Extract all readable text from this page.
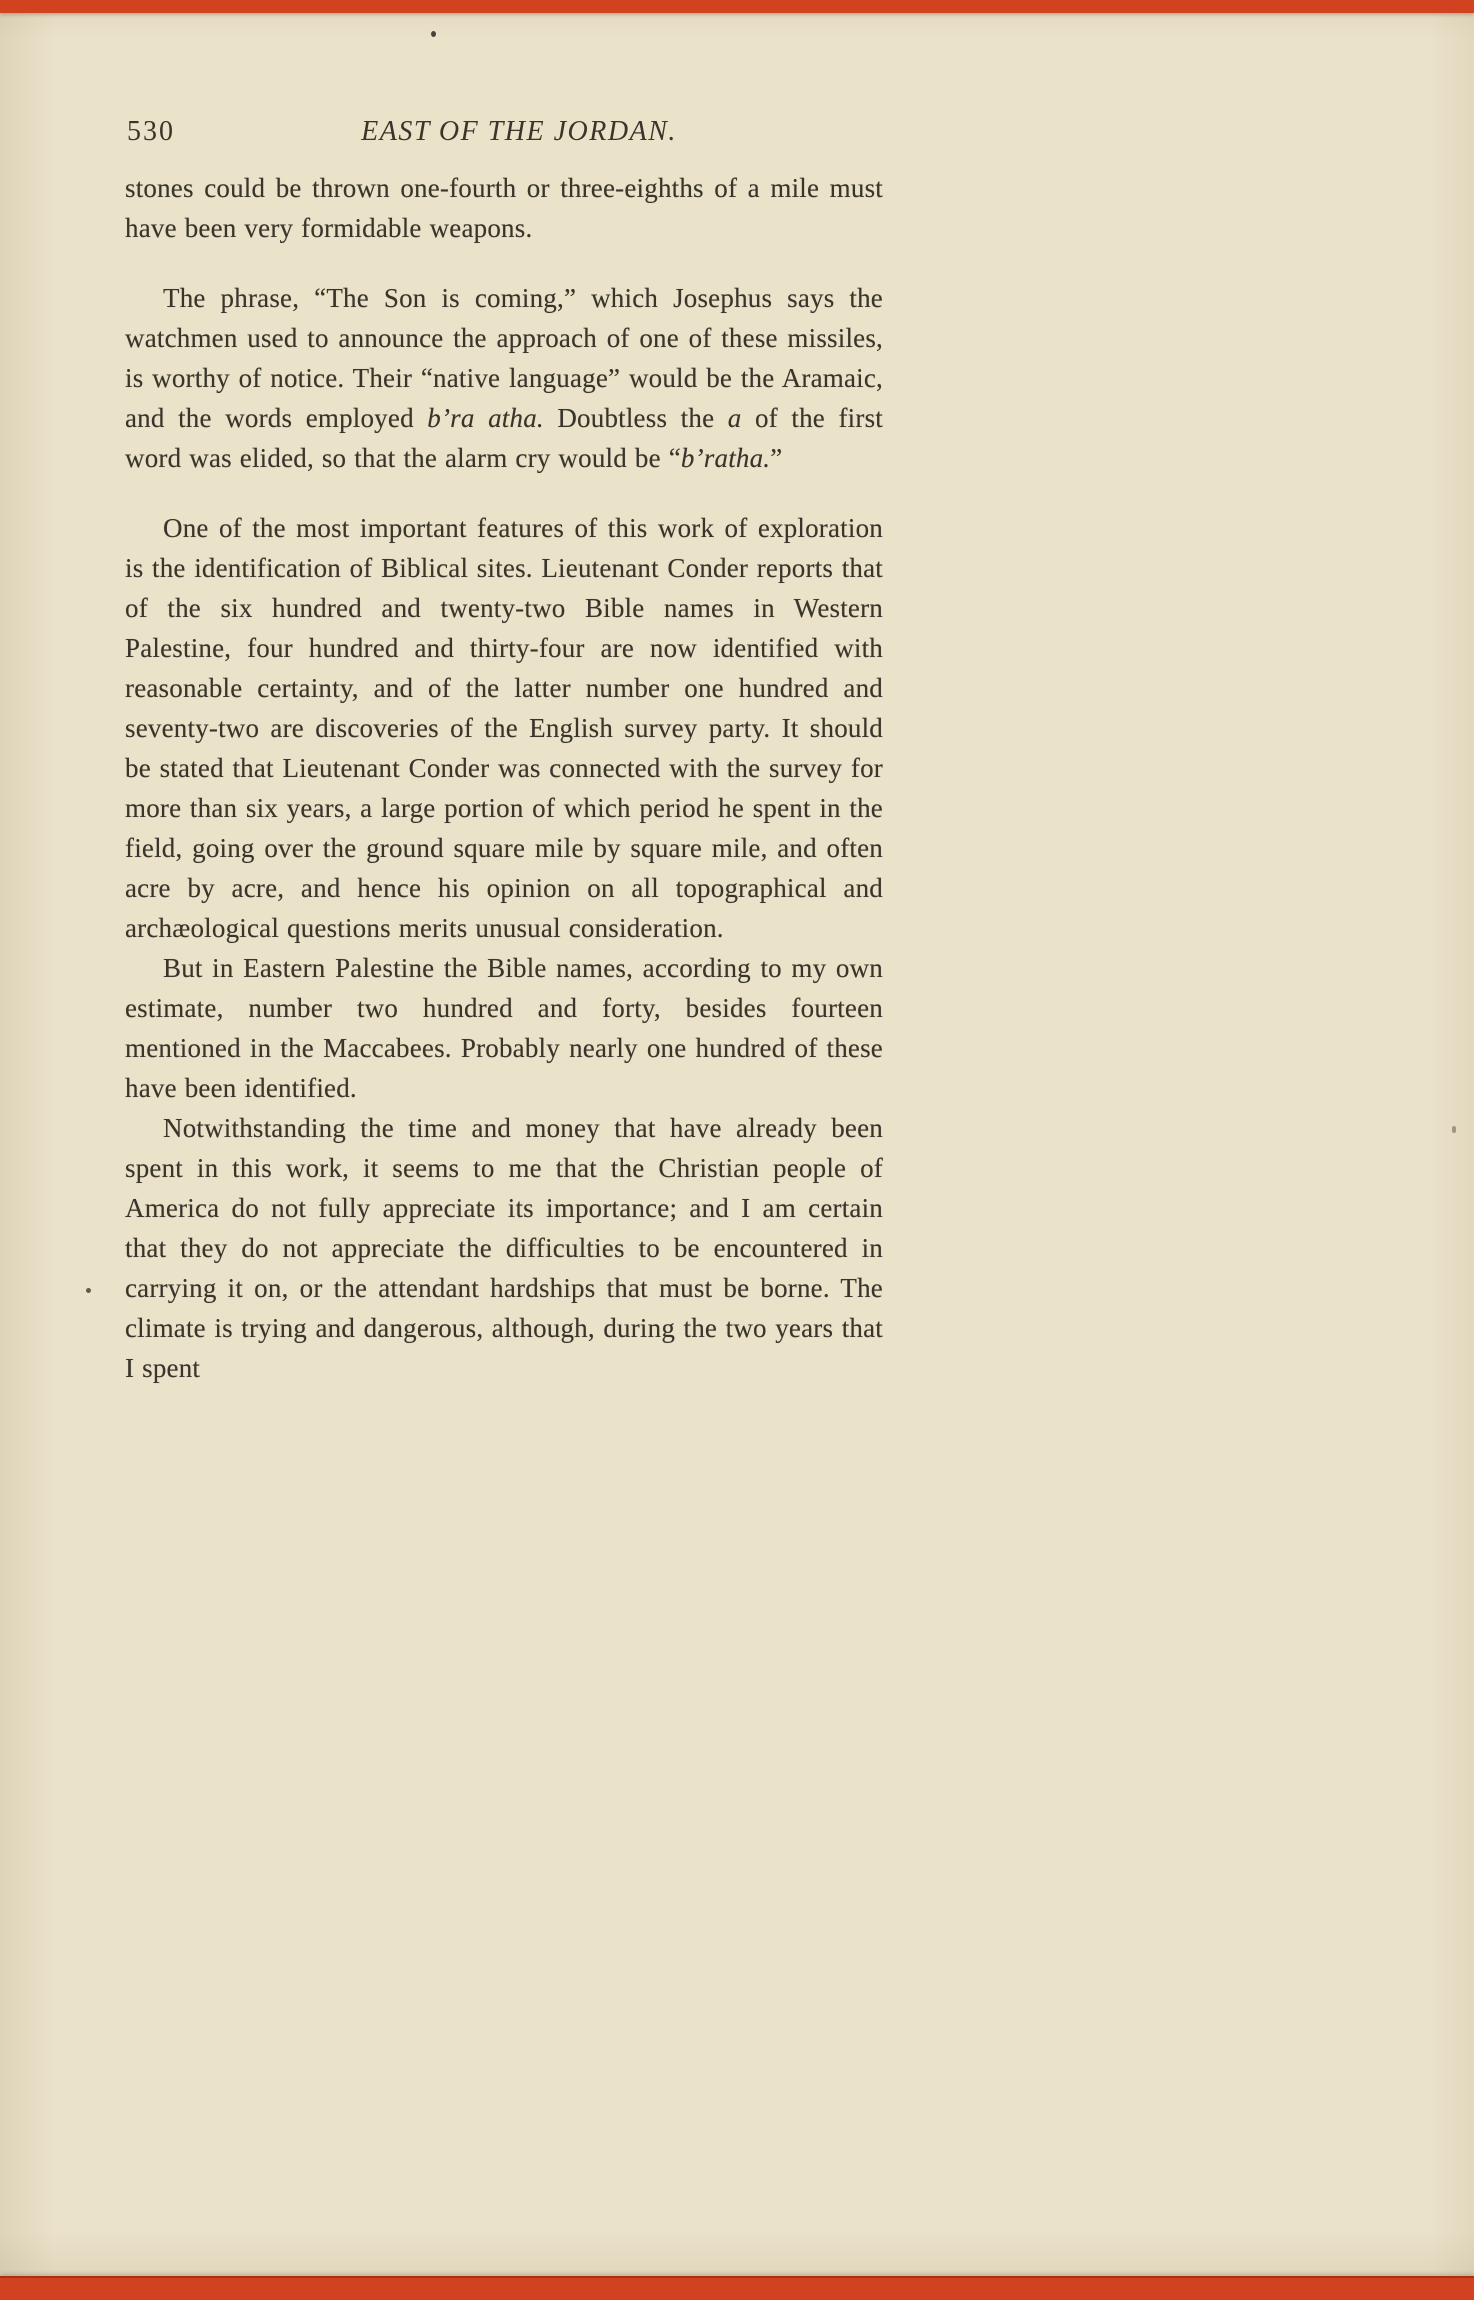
530	EAST OF THE JORDAN.

stones could be thrown one-fourth or three-eighths of a mile must have been very formidable weapons.

The phrase, “The Son is coming,” which Josephus says the watchmen used to announce the approach of one of these missiles, is worthy of notice. Their “native language” would be the Aramaic, and the words employed b’ra atha. Doubtless the a of the first word was elided, so that the alarm cry would be “b’ratha.”

One of the most important features of this work of exploration is the identification of Biblical sites. Lieutenant Conder reports that of the six hundred and twenty-two Bible names in Western Palestine, four hundred and thirty-four are now identified with reasonable certainty, and of the latter number one hundred and seventy-two are discoveries of the English survey party. It should be stated that Lieutenant Conder was connected with the survey for more than six years, a large portion of which period he spent in the field, going over the ground square mile by square mile, and often acre by acre, and hence his opinion on all topographical and archæological questions merits unusual consideration.

But in Eastern Palestine the Bible names, according to my own estimate, number two hundred and forty, besides fourteen mentioned in the Maccabees. Probably nearly one hundred of these have been identified.

Notwithstanding the time and money that have already been spent in this work, it seems to me that the Christian people of America do not fully appreciate its importance; and I am certain that they do not appreciate the difficulties to be encountered in carrying it on, or the attendant hardships that must be borne. The climate is trying and dangerous, although, during the two years that I spent
